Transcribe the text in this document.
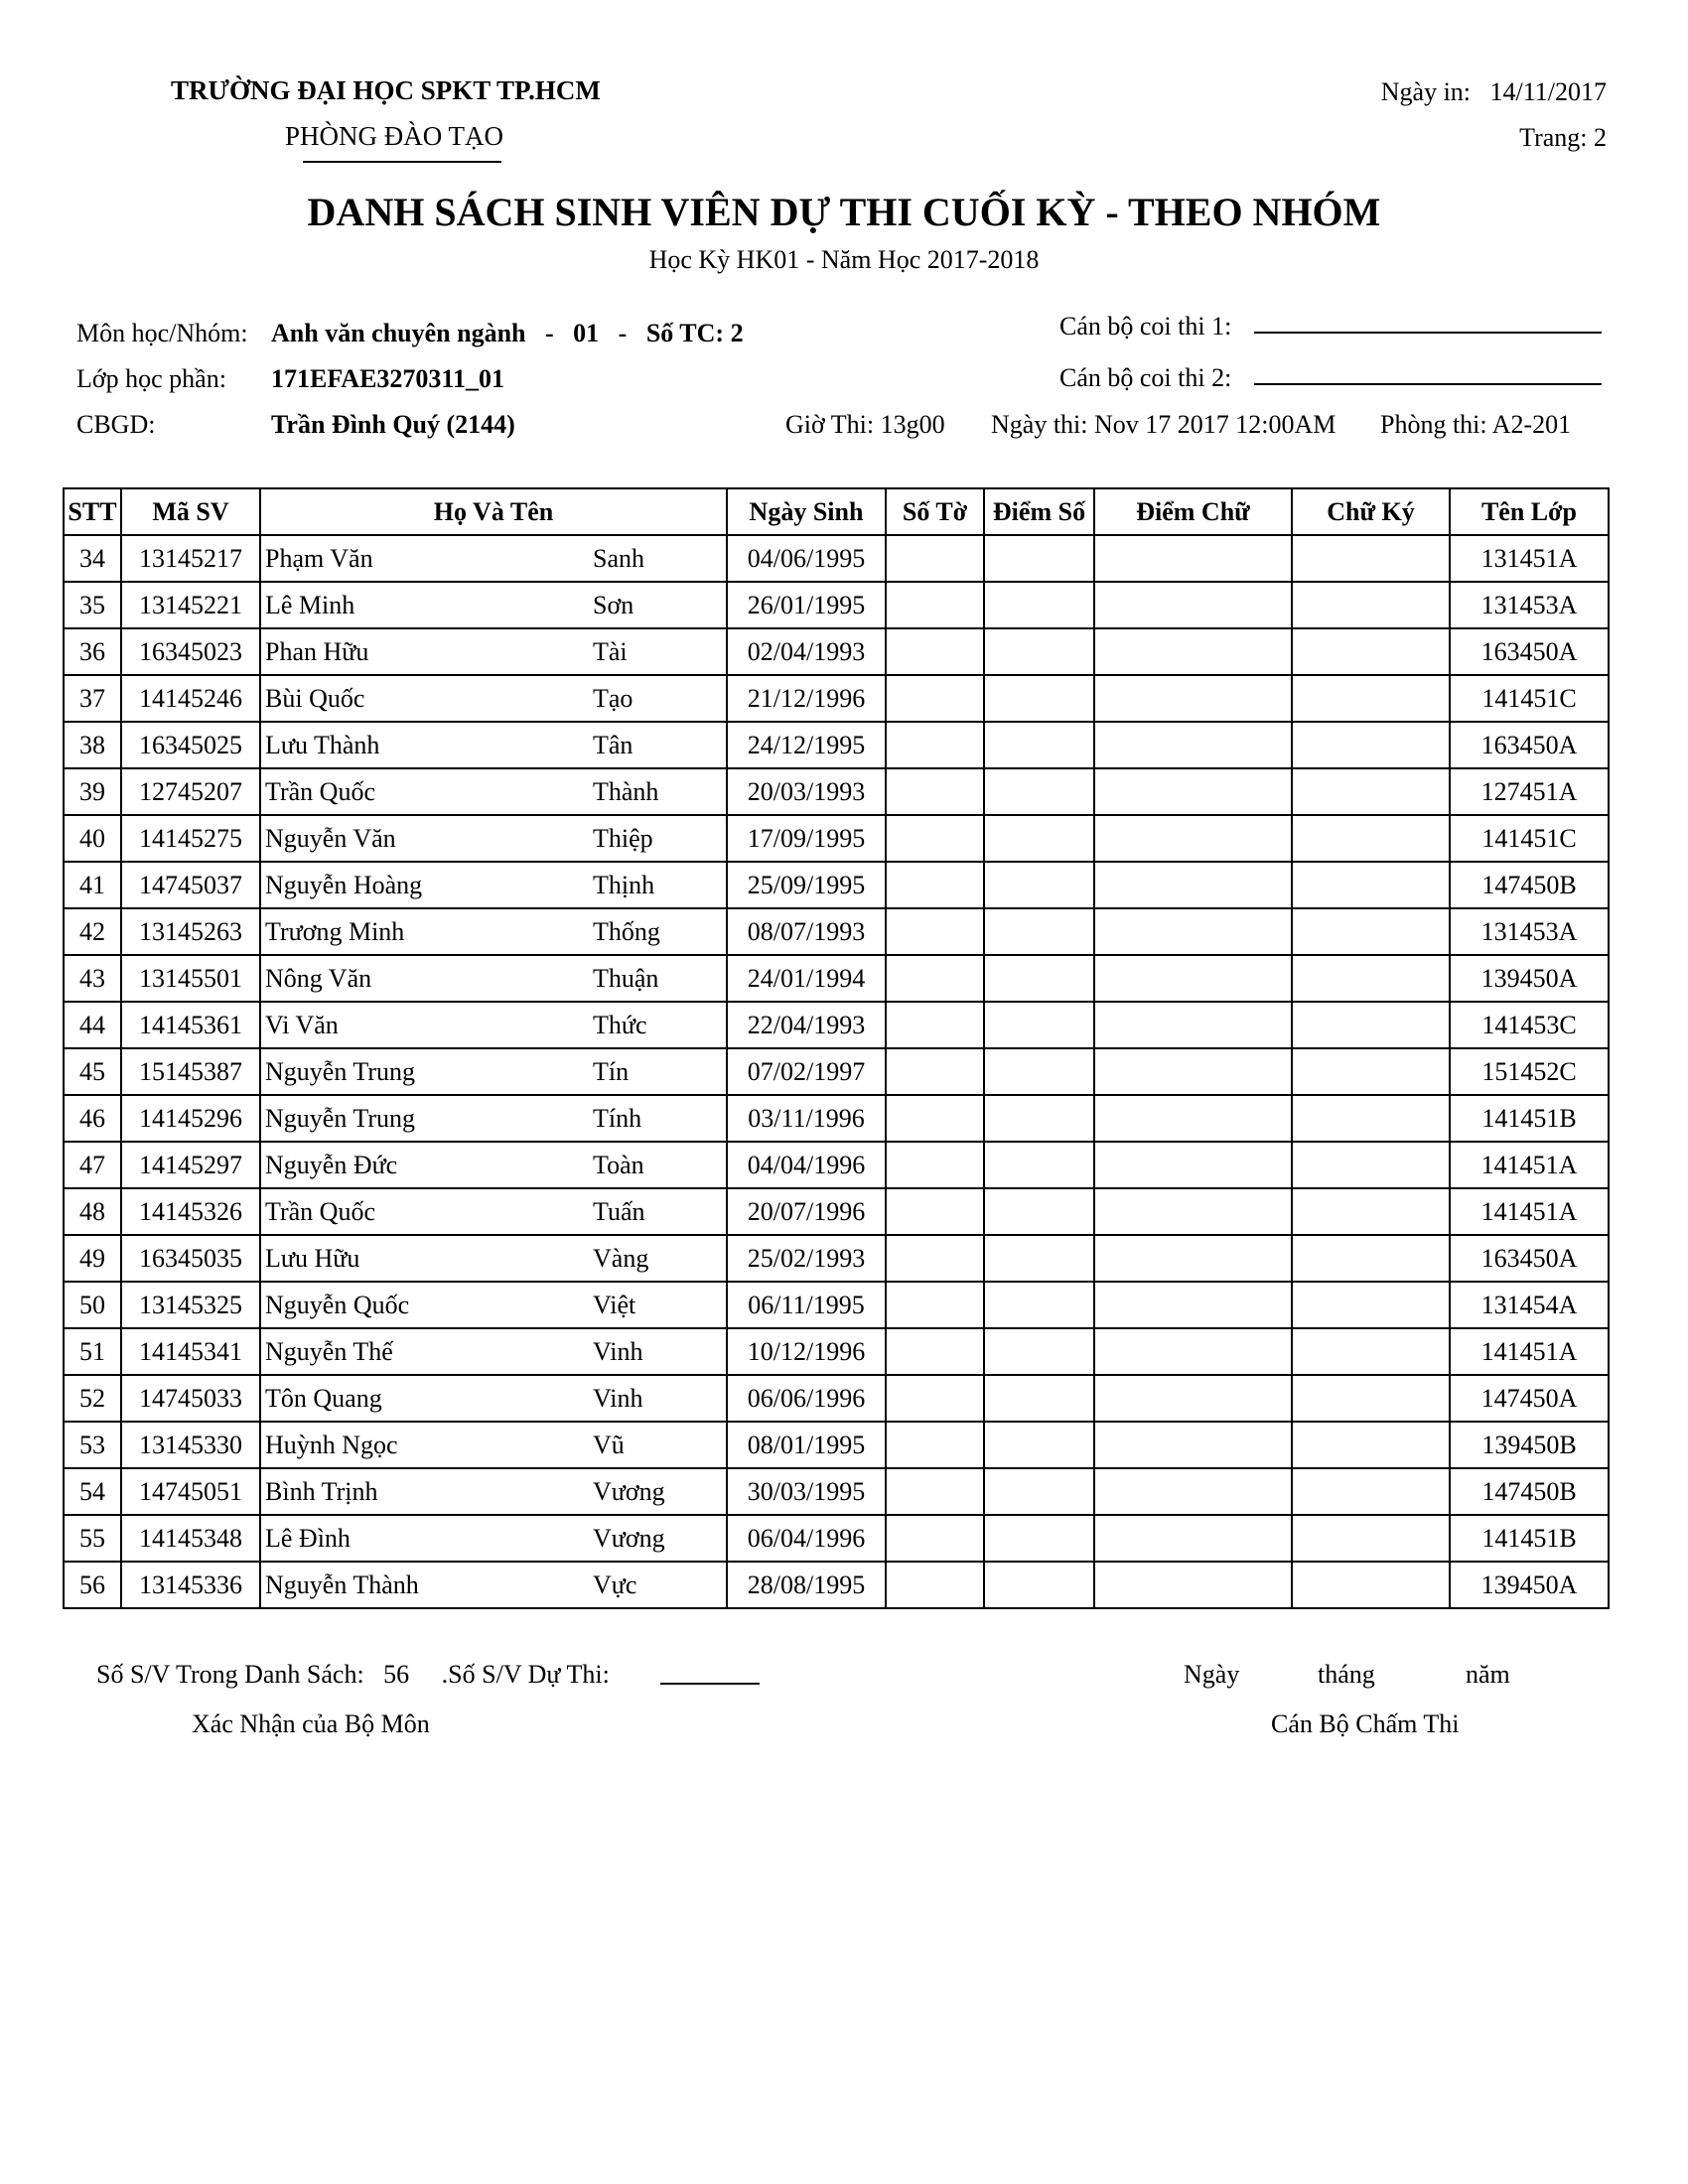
TRƯỜNG ĐẠI HỌC SPKT TP.HCM
PHÒNG ĐÀO TẠO
Ngày in: 14/11/2017
Trang: 2
DANH SÁCH SINH VIÊN DỰ THI CUỐI KỲ - THEO NHÓM
Học Kỳ HK01 - Năm Học 2017-2018
Môn học/Nhóm: Anh văn chuyên ngành   -   01   -   Số TC: 2
Lớp học phần: 171EFAE3270311_01
CBGD:	Trần Đình Quý (2144)
Cán bộ coi thi 1:
Cán bộ coi thi 2:
Giờ Thi: 13g00 Ngày thi: Nov 17 2017 12:00AM Phòng thi: A2-201
STT	Mã SV	Họ Và Tên	Ngày Sinh	Số Tờ	Điểm Số	Điểm Chữ	Chữ Ký	Tên Lớp
34	13145217	Phạm Văn Sanh	04/06/1995					131451A
35	13145221	Lê Minh Sơn	26/01/1995					131453A
36	16345023	Phan Hữu Tài	02/04/1993					163450A
37	14145246	Bùi Quốc Tạo	21/12/1996					141451C
38	16345025	Lưu Thành Tân	24/12/1995					163450A
39	12745207	Trần Quốc Thành	20/03/1993					127451A
40	14145275	Nguyễn Văn Thiệp	17/09/1995					141451C
41	14745037	Nguyễn Hoàng Thịnh	25/09/1995					147450B
42	13145263	Trương Minh Thống	08/07/1993					131453A
43	13145501	Nông Văn Thuận	24/01/1994					139450A
44	14145361	Vi Văn Thức	22/04/1993					141453C
45	15145387	Nguyễn Trung Tín	07/02/1997					151452C
46	14145296	Nguyễn Trung Tính	03/11/1996					141451B
47	14145297	Nguyễn Đức Toàn	04/04/1996					141451A
48	14145326	Trần Quốc Tuấn	20/07/1996					141451A
49	16345035	Lưu Hữu Vàng	25/02/1993					163450A
50	13145325	Nguyễn Quốc Việt	06/11/1995					131454A
51	14145341	Nguyễn Thế Vinh	10/12/1996					141451A
52	14745033	Tôn Quang Vinh	06/06/1996					147450A
53	13145330	Huỳnh Ngọc Vũ	08/01/1995					139450B
54	14745051	Bình Trịnh Vương	30/03/1995					147450B
55	14145348	Lê Đình Vương	06/04/1996					141451B
56	13145336	Nguyễn Thành Vực	28/08/1995					139450A
Số S/V Trong Danh Sách:   56     .Số S/V Dự Thi:
Xác Nhận của Bộ Môn
Ngày	tháng	năm
Cán Bộ Chấm Thi
